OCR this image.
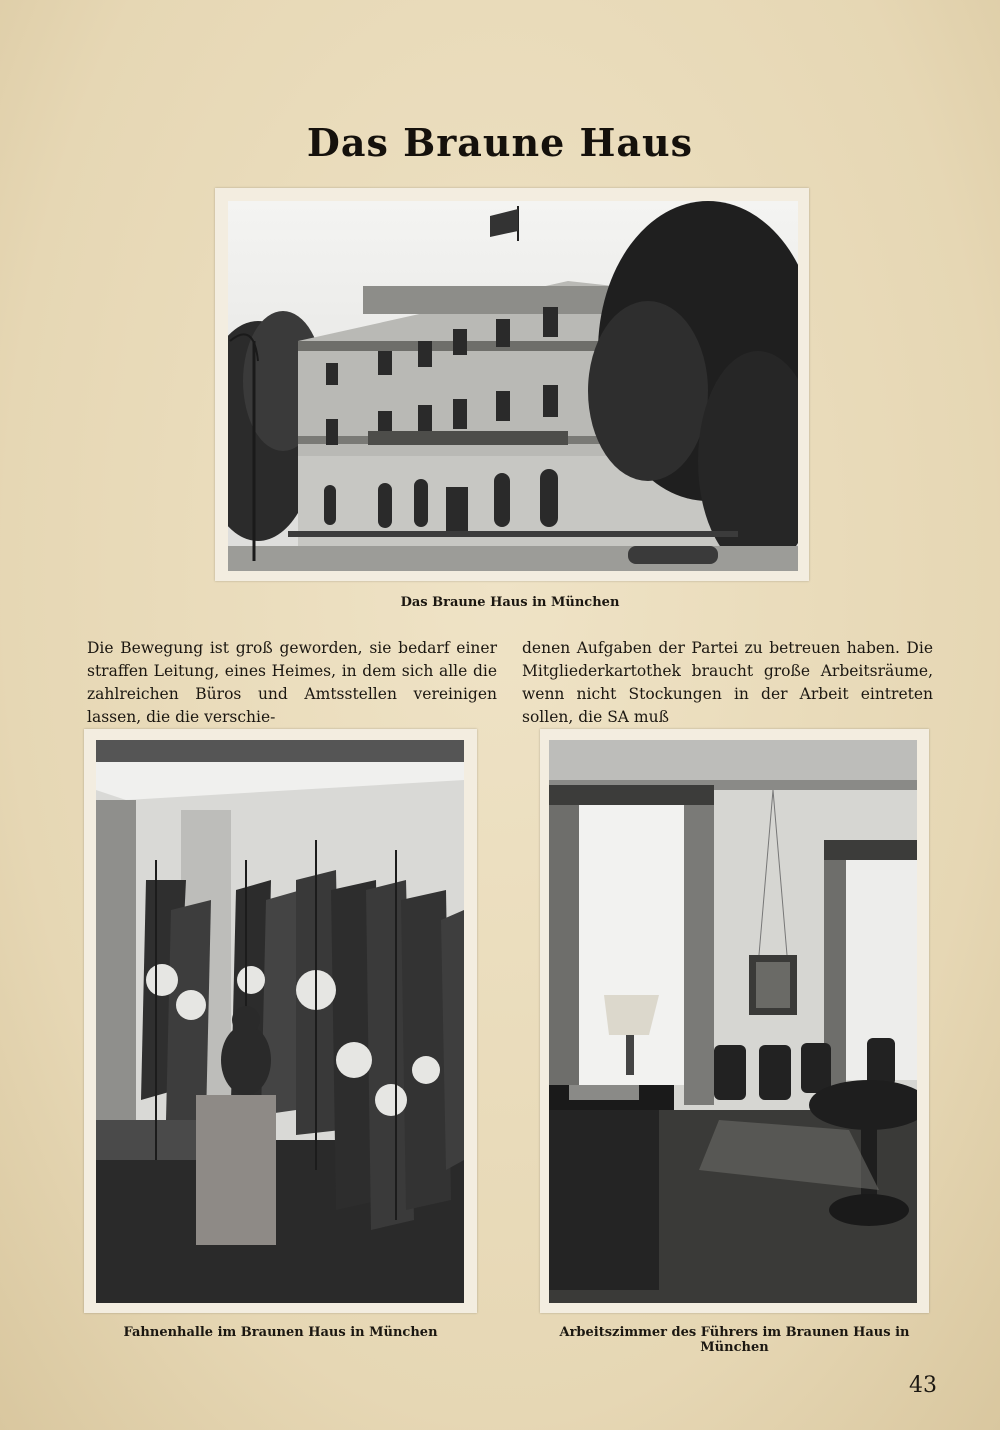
Das Braune Haus
Das Braune Haus in München
Die Bewegung ist groß geworden, sie bedarf einer straffen Leitung, eines Heimes, in dem sich alle die zahlreichen Büros und Amtsstellen vereinigen lassen, die die verschie-
denen Aufgaben der Partei zu betreuen haben. Die Mitgliederkartothek braucht große Arbeitsräume, wenn nicht Stockungen in der Arbeit eintreten sollen, die SA muß
Fahnenhalle im Braunen Haus in München	Arbeitszimmer des Führers im Braunen Haus in München
43
